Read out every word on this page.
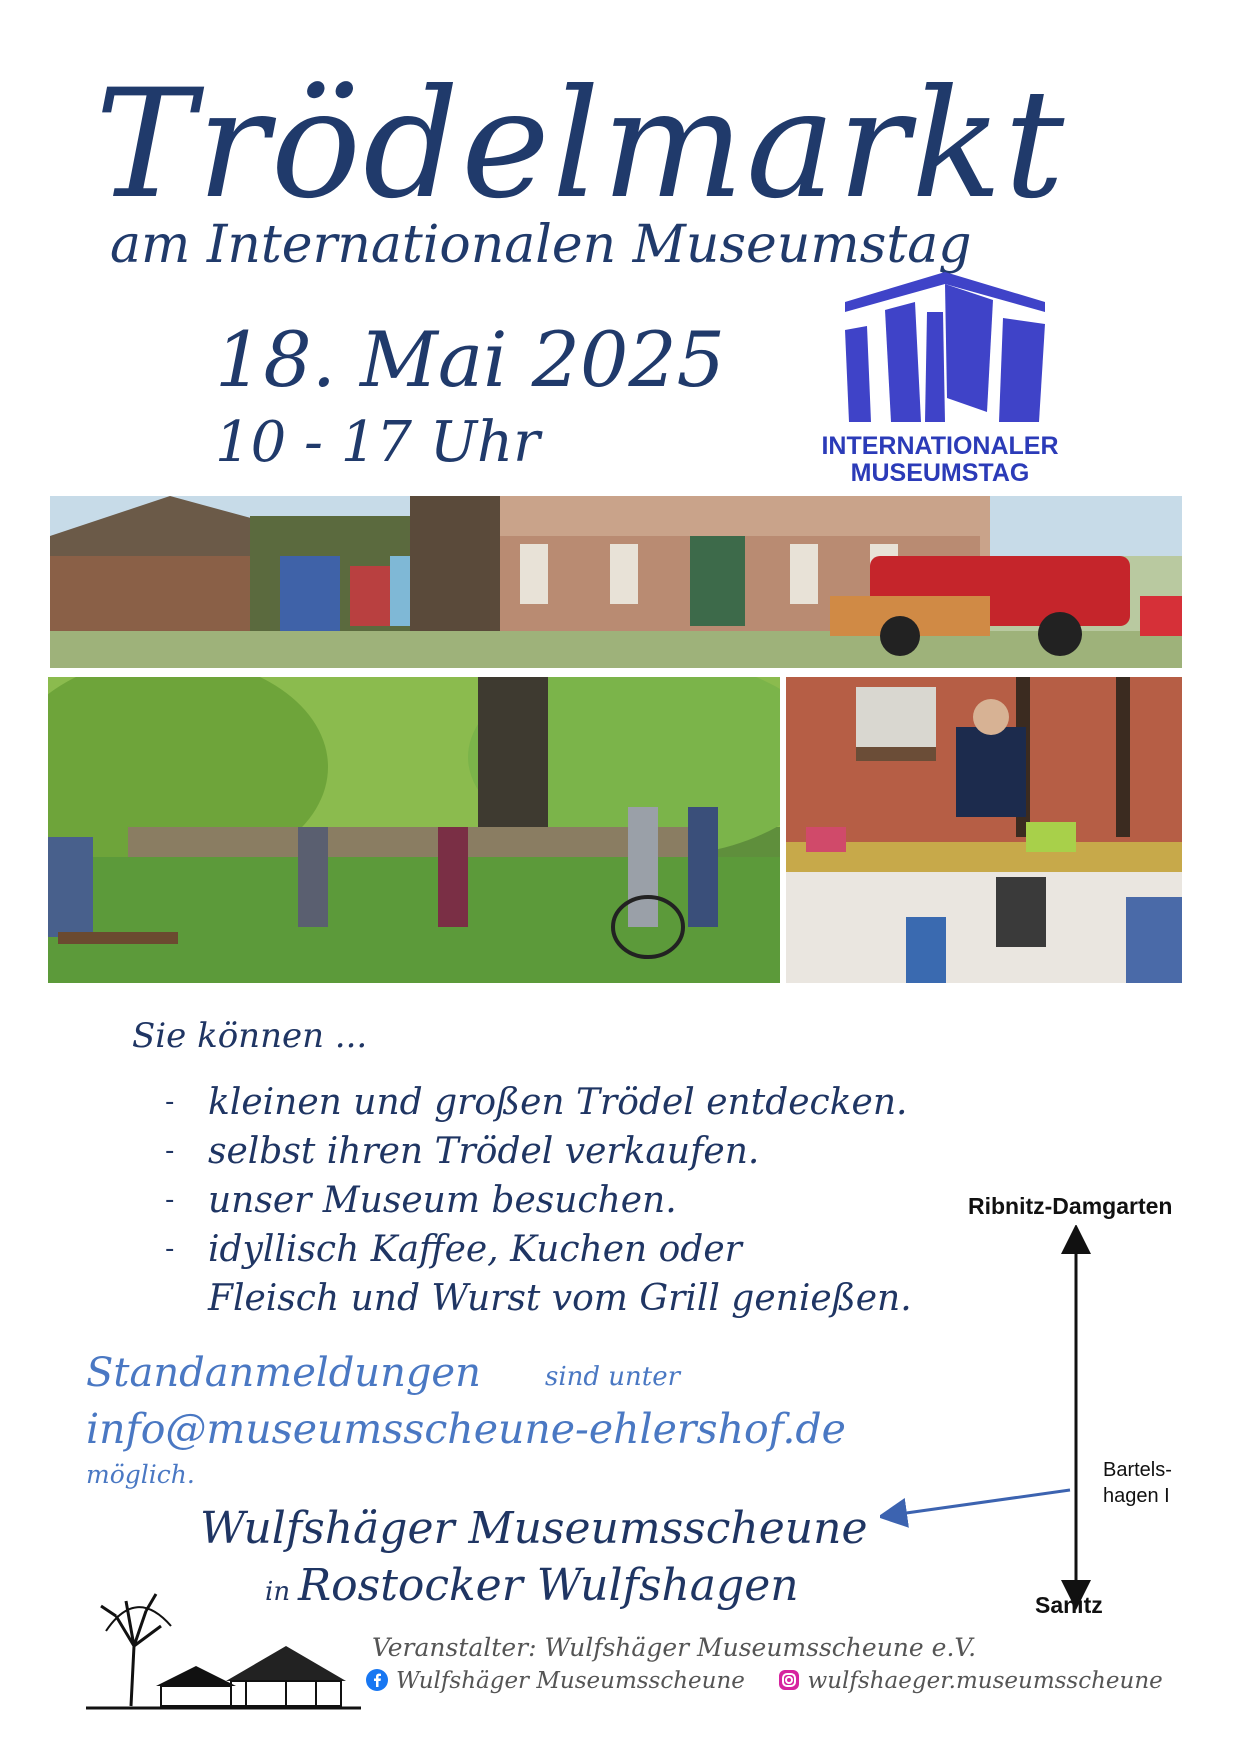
Trödelmarkt
am Internationalen Museumstag
18. Mai 2025
10 - 17 Uhr	INTERNATIONALER
MUSEUMSTAG
Sie können ...
- kleinen und großen Trödel entdecken.
- selbst ihren Trödel verkaufen.
- unser Museum besuchen.
- idyllisch Kaffee, Kuchen oder
Fleisch und Wurst vom Grill genießen.
Standanmeldungen sind unter
info@museumsscheune-ehlershof.de
möglich.
Wulfshäger Museumsscheune
in Rostocker Wulfshagen
Ribnitz-Damgarten
Bartels-
hagen I
Sanitz
Veranstalter: Wulfshäger Museumsscheune e.V.
Wulfshäger Museumsscheune	wulfshaeger.museumsscheune
